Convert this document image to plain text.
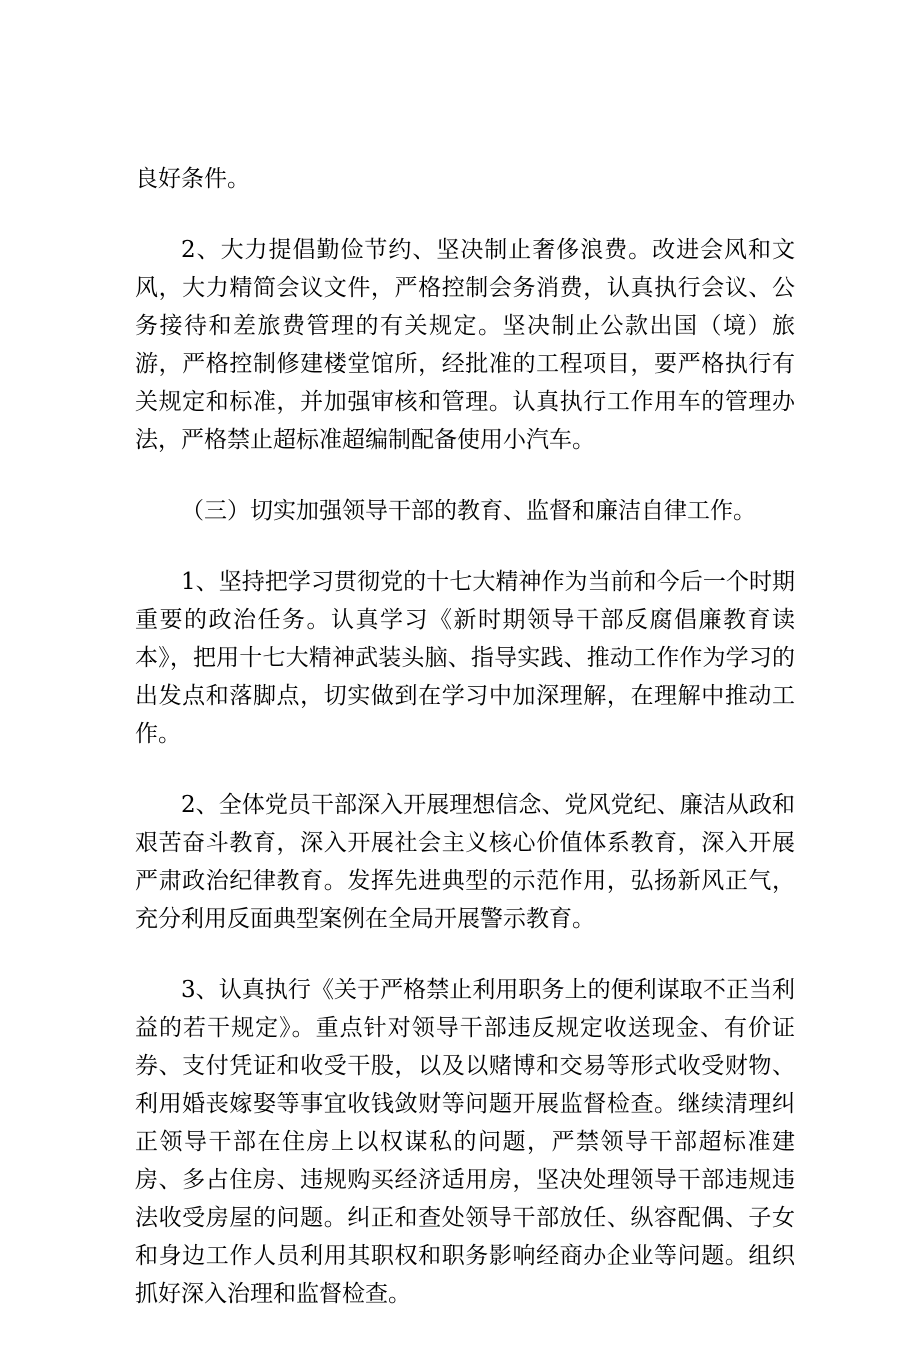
良好条件。

2、大力提倡勤俭节约、坚决制止奢侈浪费。改进会风和文风，大力精简会议文件，严格控制会务消费，认真执行会议、公务接待和差旅费管理的有关规定。坚决制止公款出国（境）旅游，严格控制修建楼堂馆所，经批准的工程项目，要严格执行有关规定和标准，并加强审核和管理。认真执行工作用车的管理办法，严格禁止超标准超编制配备使用小汽车。

（三）切实加强领导干部的教育、监督和廉洁自律工作。

1、坚持把学习贯彻党的十七大精神作为当前和今后一个时期重要的政治任务。认真学习《新时期领导干部反腐倡廉教育读本》，把用十七大精神武装头脑、指导实践、推动工作作为学习的出发点和落脚点，切实做到在学习中加深理解，在理解中推动工作。

2、全体党员干部深入开展理想信念、党风党纪、廉洁从政和艰苦奋斗教育，深入开展社会主义核心价值体系教育，深入开展严肃政治纪律教育。发挥先进典型的示范作用，弘扬新风正气，充分利用反面典型案例在全局开展警示教育。

3、认真执行《关于严格禁止利用职务上的便利谋取不正当利益的若干规定》。重点针对领导干部违反规定收送现金、有价证券、支付凭证和收受干股，以及以赌博和交易等形式收受财物、利用婚丧嫁娶等事宜收钱敛财等问题开展监督检查。继续清理纠正领导干部在住房上以权谋私的问题，严禁领导干部超标准建房、多占住房、违规购买经济适用房，坚决处理领导干部违规违法收受房屋的问题。纠正和查处领导干部放任、纵容配偶、子女和身边工作人员利用其职权和职务影响经商办企业等问题。组织抓好深入治理和监督检查。
